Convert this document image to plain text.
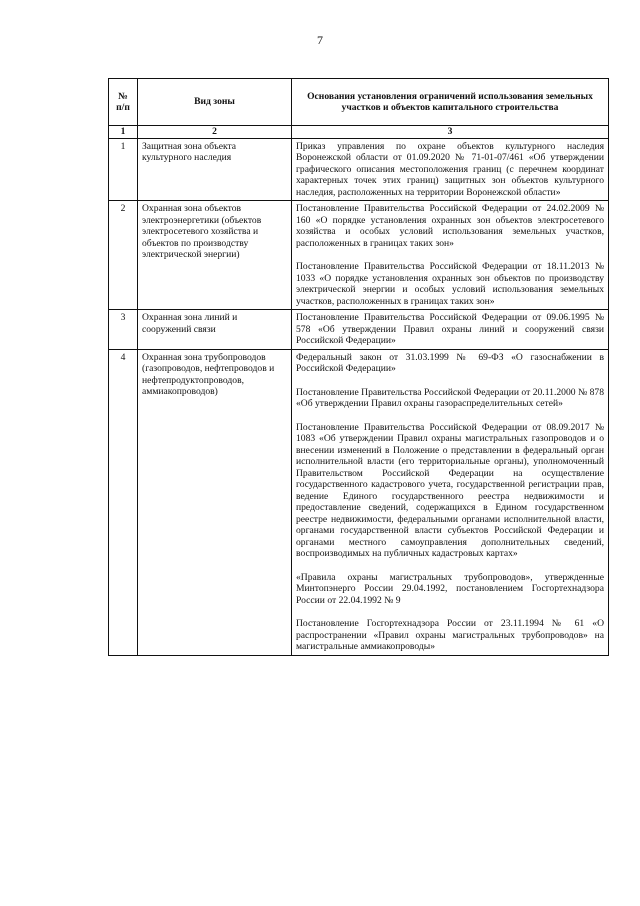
7
№ п/п	Вид зоны	Основания установления ограничений использования земельных участков и объектов капитального строительства
1	2	3
1	Защитная зона объекта культурного наследия	Приказ управления по охране объектов культурного наследия Воронежской области от 01.09.2020 № 71-01-07/461 «Об утверждении графического описания местоположения границ (с перечнем координат характерных точек этих границ) защитных зон объектов культурного наследия, расположенных на территории Воронежской области»

2	Охранная зона объектов электроэнергетики (объектов электросетевого хозяйства и объектов по производству электрической энергии)	Постановление Правительства Российской Федерации от 24.02.2009 № 160 «О порядке установления охранных зон объектов электросетевого хозяйства и особых условий использования земельных участков, расположенных в границах таких зон»
Постановление Правительства Российской Федерации от 18.11.2013 № 1033 «О порядке установления охранных зон объектов по производству электрической энергии и особых условий использования земельных участков, расположенных в границах таких зон»

3	Охранная зона линий и сооружений связи	Постановление Правительства Российской Федерации от 09.06.1995 № 578 «Об утверждении Правил охраны линий и сооружений связи Российской Федерации»

4	Охранная зона трубопроводов (газопроводов, нефтепроводов и нефтепродуктопроводов, аммиакопроводов)	Федеральный закон от 31.03.1999 № 69-ФЗ «О газоснабжении в Российской Федерации»
Постановление Правительства Российской Федерации от 20.11.2000 № 878 «Об утверждении Правил охраны газораспределительных сетей»
Постановление Правительства Российской Федерации от 08.09.2017 № 1083 «Об утверждении Правил охраны магистральных газопроводов и о внесении изменений в Положение о представлении в федеральный орган исполнительной власти (его территориальные органы), уполномоченный Правительством Российской Федерации на осуществление государственного кадастрового учета, государственной регистрации прав, ведение Единого государственного реестра недвижимости и предоставление сведений, содержащихся в Едином государственном реестре недвижимости, федеральными органами исполнительной власти, органами государственной власти субъектов Российской Федерации и органами местного самоуправления дополнительных сведений, воспроизводимых на публичных кадастровых картах»
«Правила охраны магистральных трубопроводов», утвержденные Минтопэнерго России 29.04.1992, постановлением Госгортехнадзора России от 22.04.1992 № 9
Постановление Госгортехнадзора России от 23.11.1994 № 61 «О распространении «Правил охраны магистральных трубопроводов» на магистральные аммиакопроводы»
